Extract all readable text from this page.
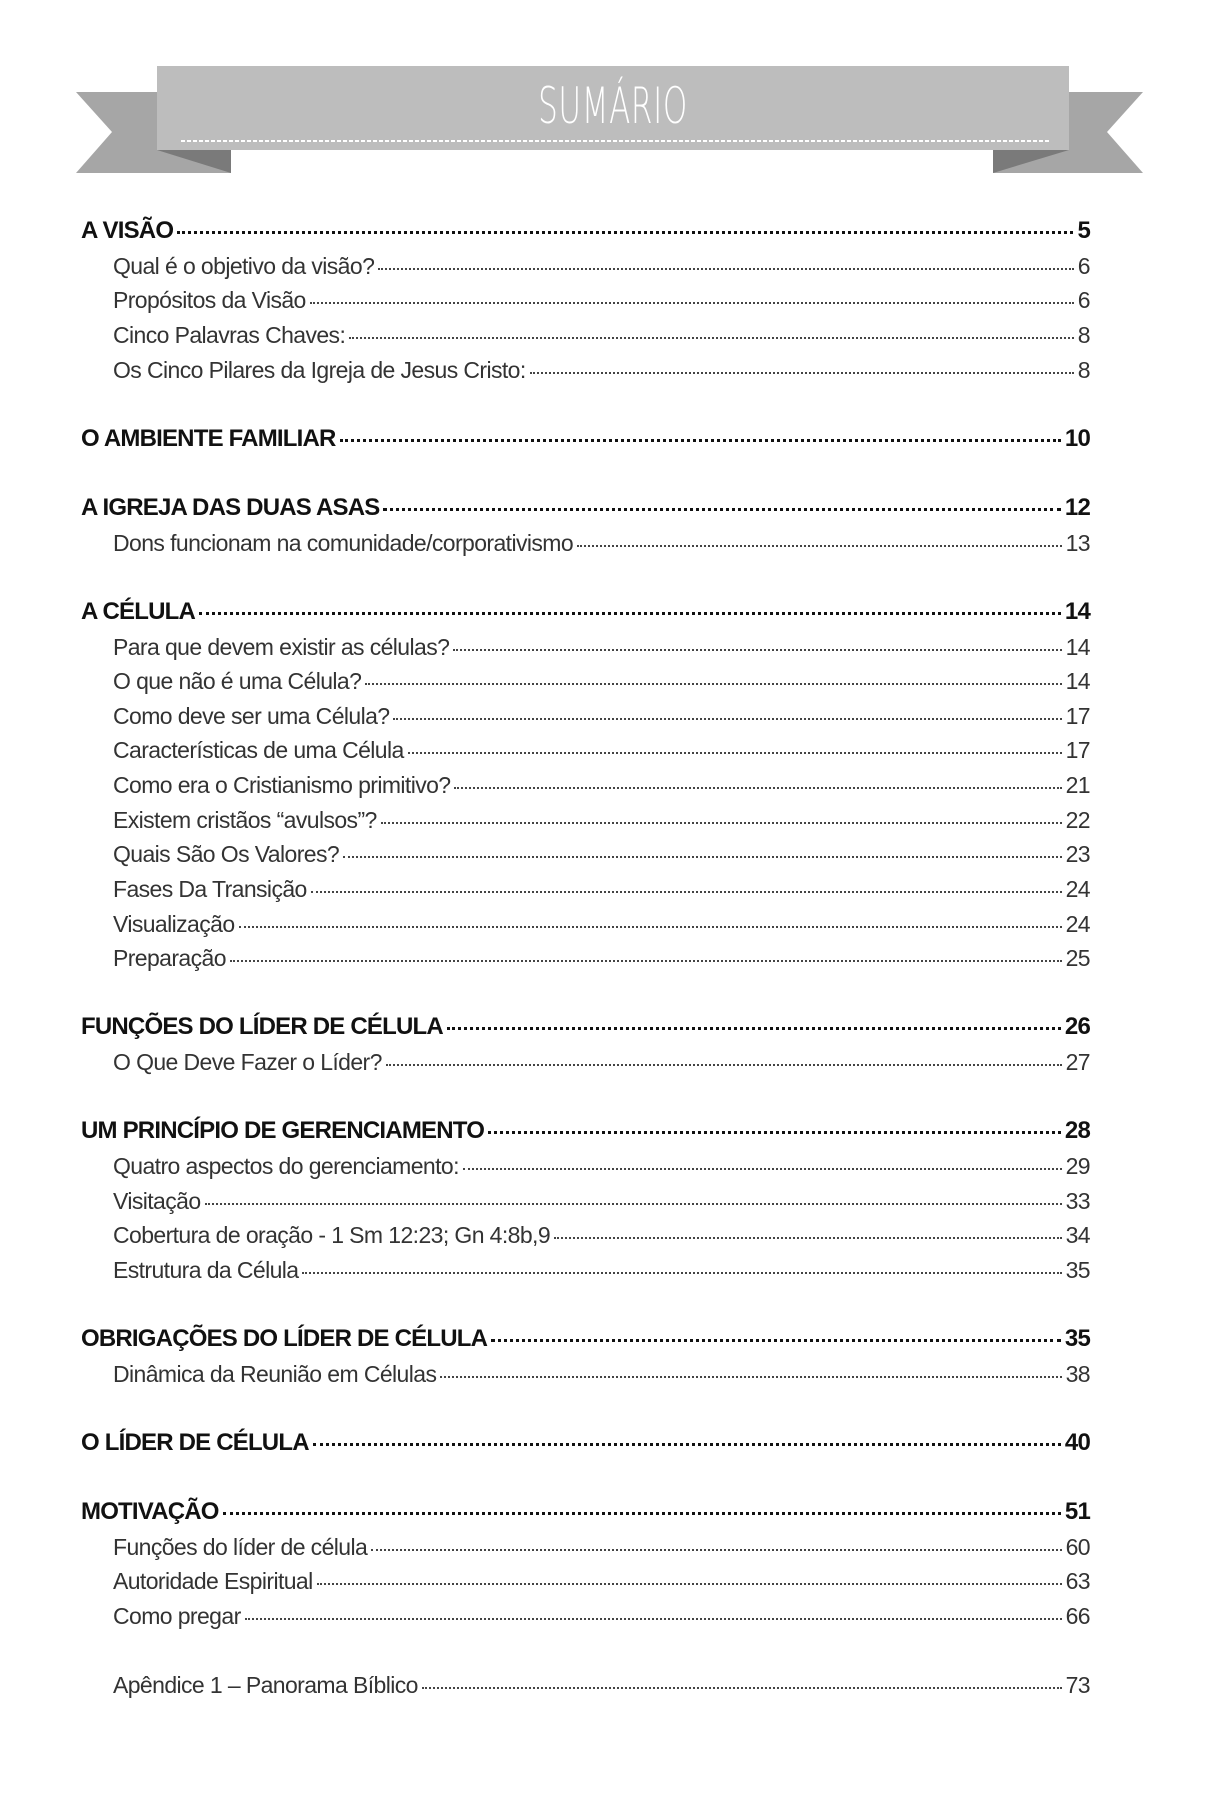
SUMÁRIO
A VISÃO	5
Qual é o objetivo da visão?	6
Propósitos da Visão	6
Cinco Palavras Chaves:	8
Os Cinco Pilares da Igreja de Jesus Cristo:	8
O AMBIENTE FAMILIAR	10
A IGREJA DAS DUAS ASAS	12
Dons funcionam na comunidade/corporativismo	13
A CÉLULA	14
Para que devem existir as células?	14
O que não é uma Célula?	14
Como deve ser uma Célula?	17
Características de uma Célula	17
Como era o Cristianismo primitivo?	21
Existem cristãos “avulsos”?	22
Quais São Os Valores?	23
Fases Da Transição	24
Visualização	24
Preparação	25
FUNÇÕES DO LÍDER DE CÉLULA	26
O Que Deve Fazer o Líder?	27
UM PRINCÍPIO DE GERENCIAMENTO	28
Quatro aspectos do gerenciamento:	29
Visitação	33
Cobertura de oração - 1 Sm 12:23; Gn 4:8b,9	34
Estrutura da Célula	35
OBRIGAÇÕES DO LÍDER DE CÉLULA	35
Dinâmica da Reunião em Células	38
O LÍDER DE CÉLULA	40
MOTIVAÇÃO	51
Funções do líder de célula	60
Autoridade Espiritual	63
Como pregar	66
Apêndice 1 – Panorama Bíblico	73
